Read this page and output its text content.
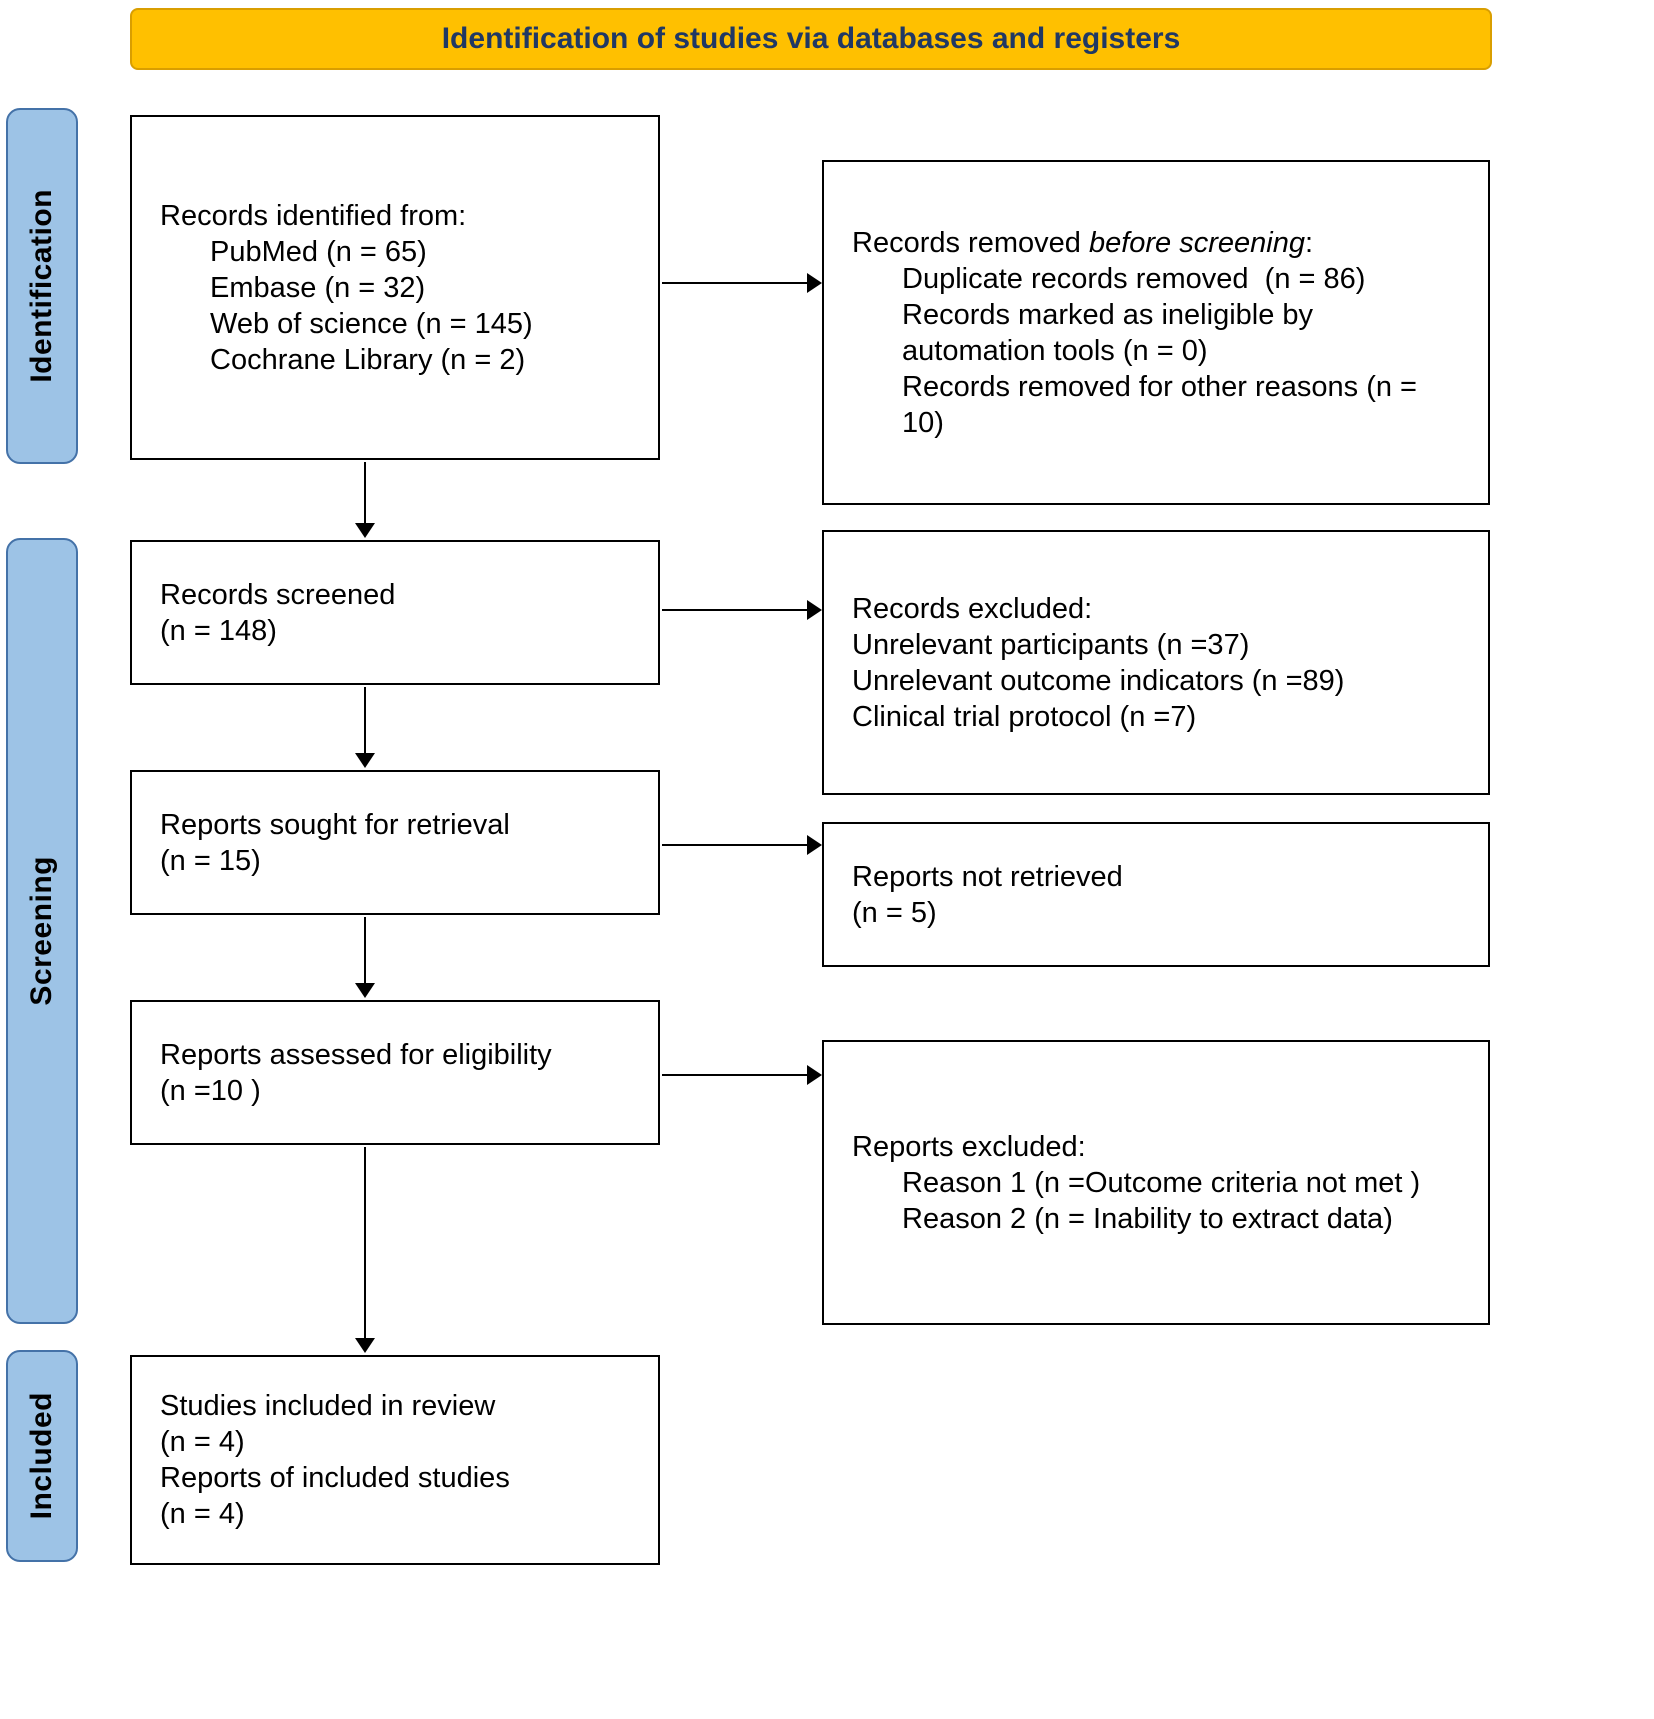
Identification of studies via databases and registers
Identification
Screening
Included
Records identified from:
PubMed (n = 65)
Embase (n = 32)
Web of science (n = 145)
Cochrane Library (n = 2)
Records screened
(n = 148)
Reports sought for retrieval
(n = 15)
Reports assessed for eligibility
(n =10 )
Studies included in review
(n = 4)
Reports of included studies
(n = 4)
Records removed before screening:
Duplicate records removed  (n = 86)
Records marked as ineligible by automation tools (n = 0)
Records removed for other reasons (n = 10)
Records excluded:
Unrelevant participants (n =37)
Unrelevant outcome indicators (n =89)
Clinical trial protocol (n =7)
Reports not retrieved
(n = 5)
Reports excluded:
Reason 1 (n =Outcome criteria not met )
Reason 2 (n = Inability to extract data)
